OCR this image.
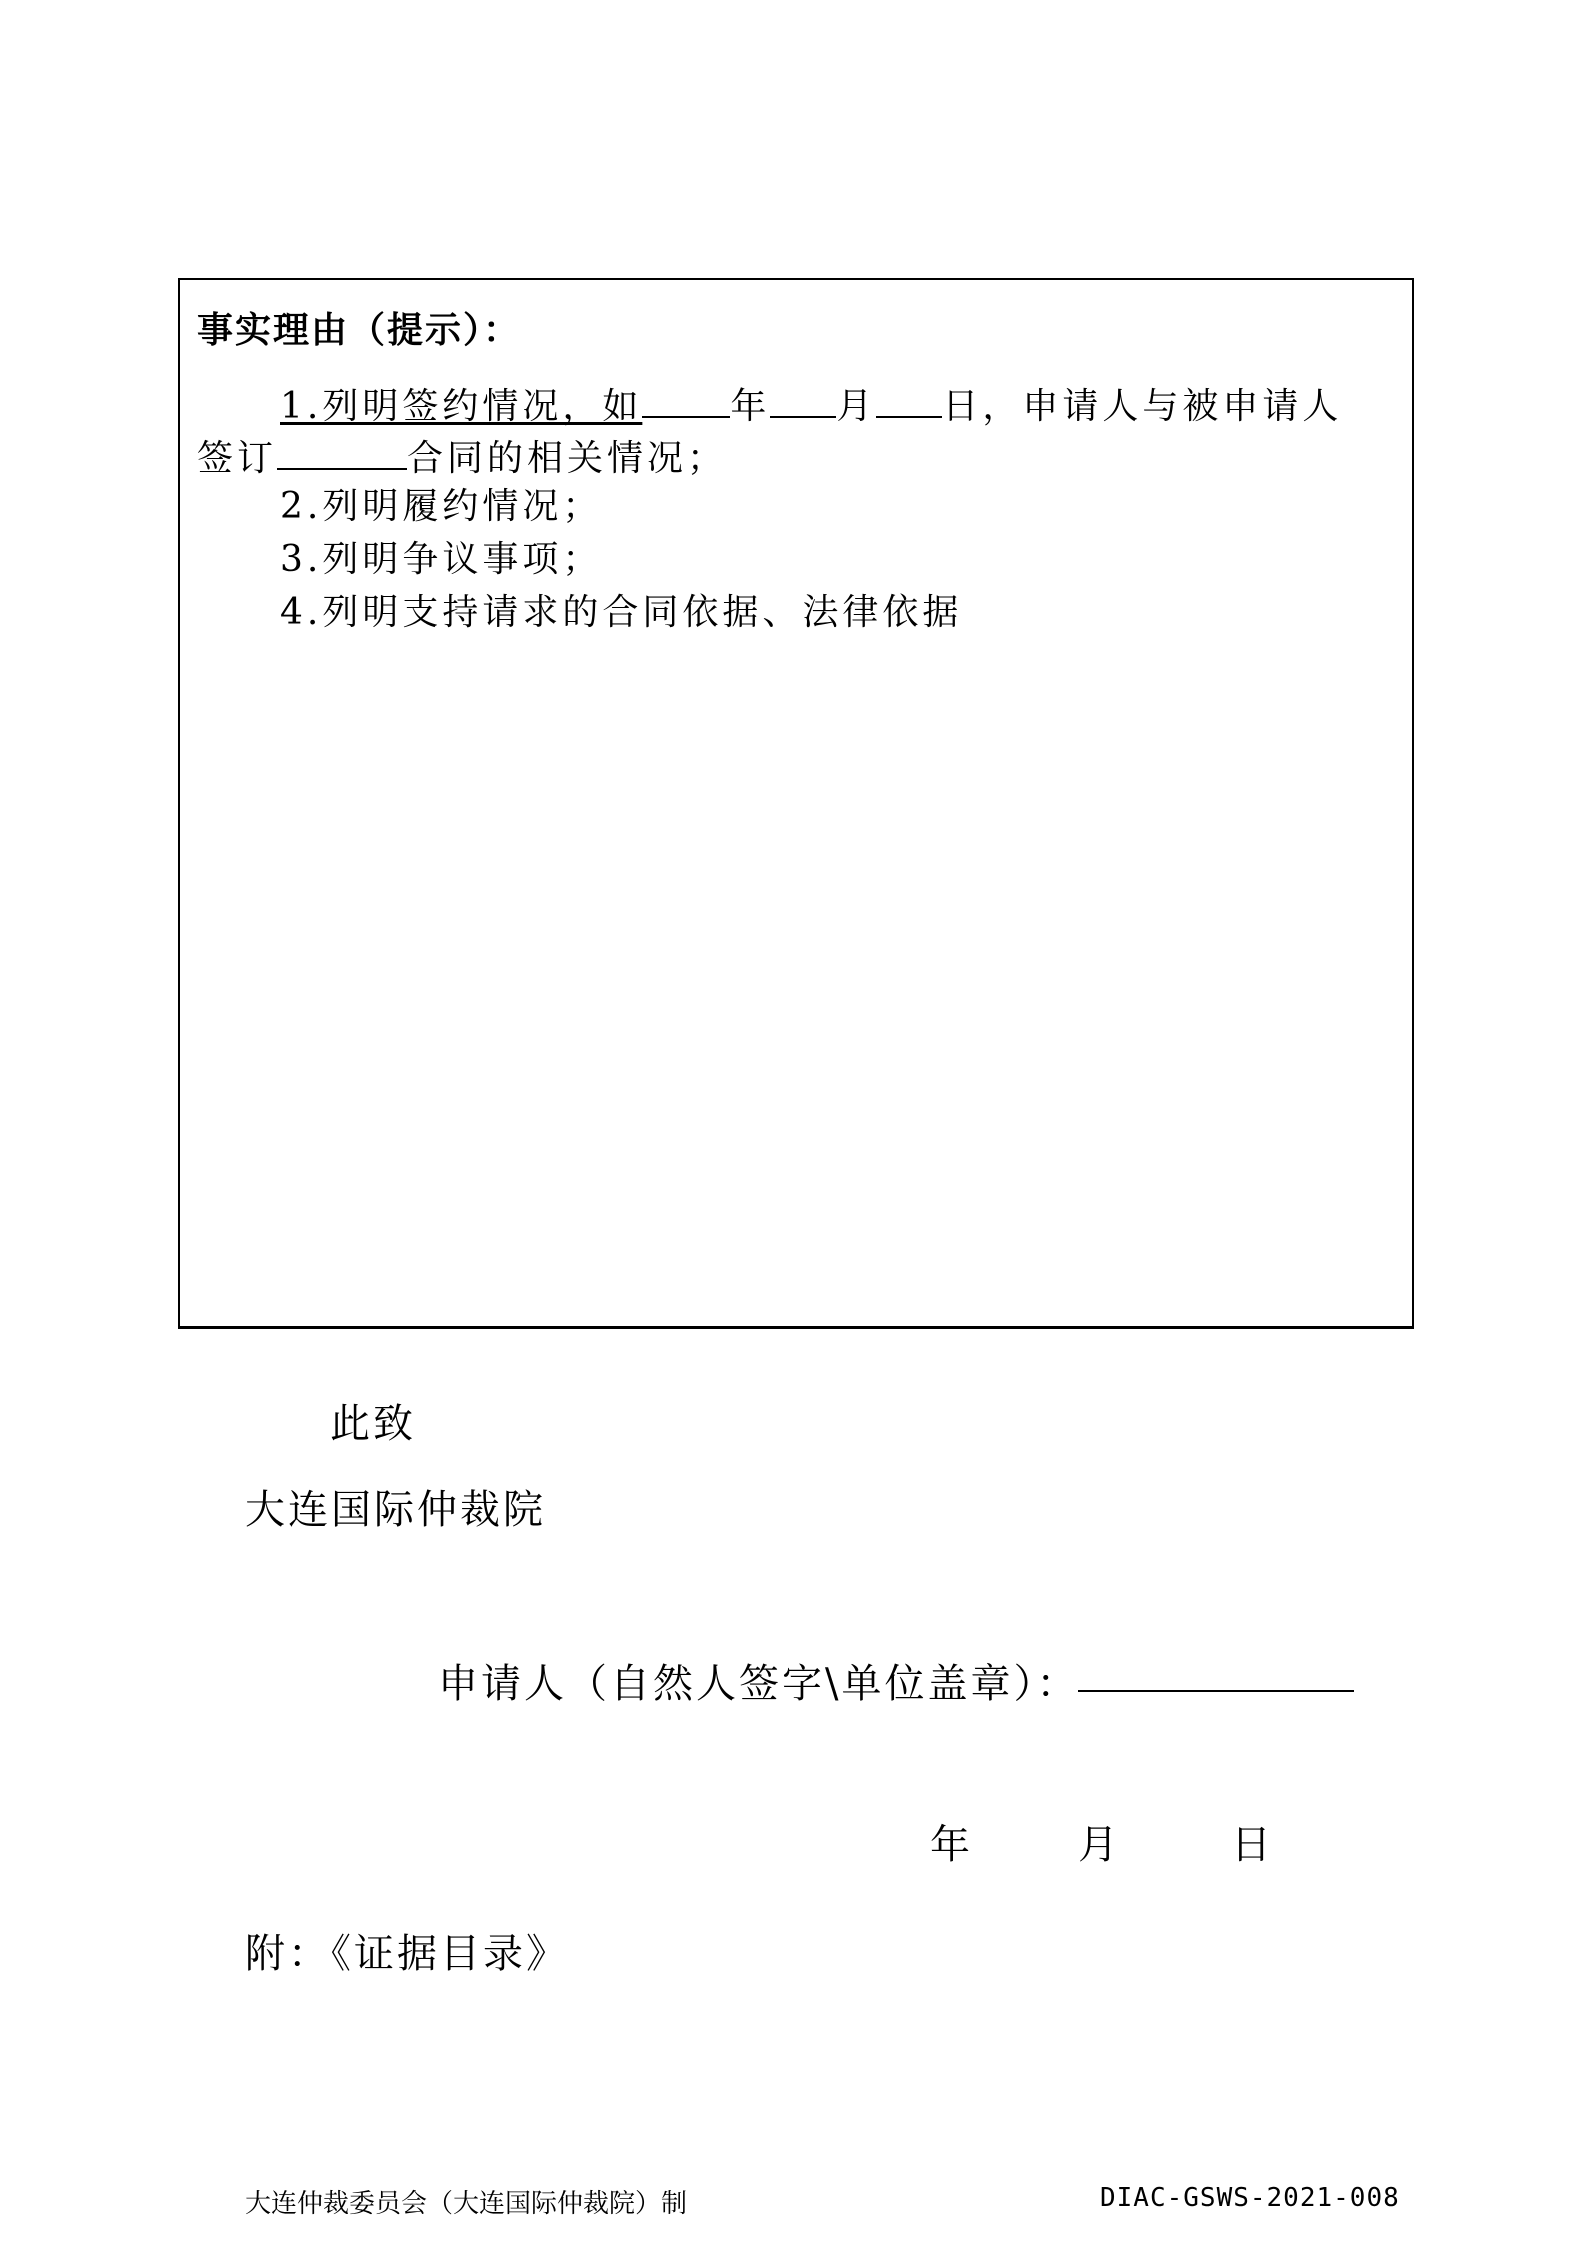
事实理由（提示）：
1.列明签约情况，如 年 月 日，申请人与被申请人
签订	合同的相关情况；
2.列明履约情况；
3.列明争议事项；
4.列明支持请求的合同依据、法律依据
此致
大连国际仲裁院
申请人（自然人签字\单位盖章）：
年	月	日
附：《证据目录》
大连仲裁委员会（大连国际仲裁院）制	DIAC-GSWS-2021-008
